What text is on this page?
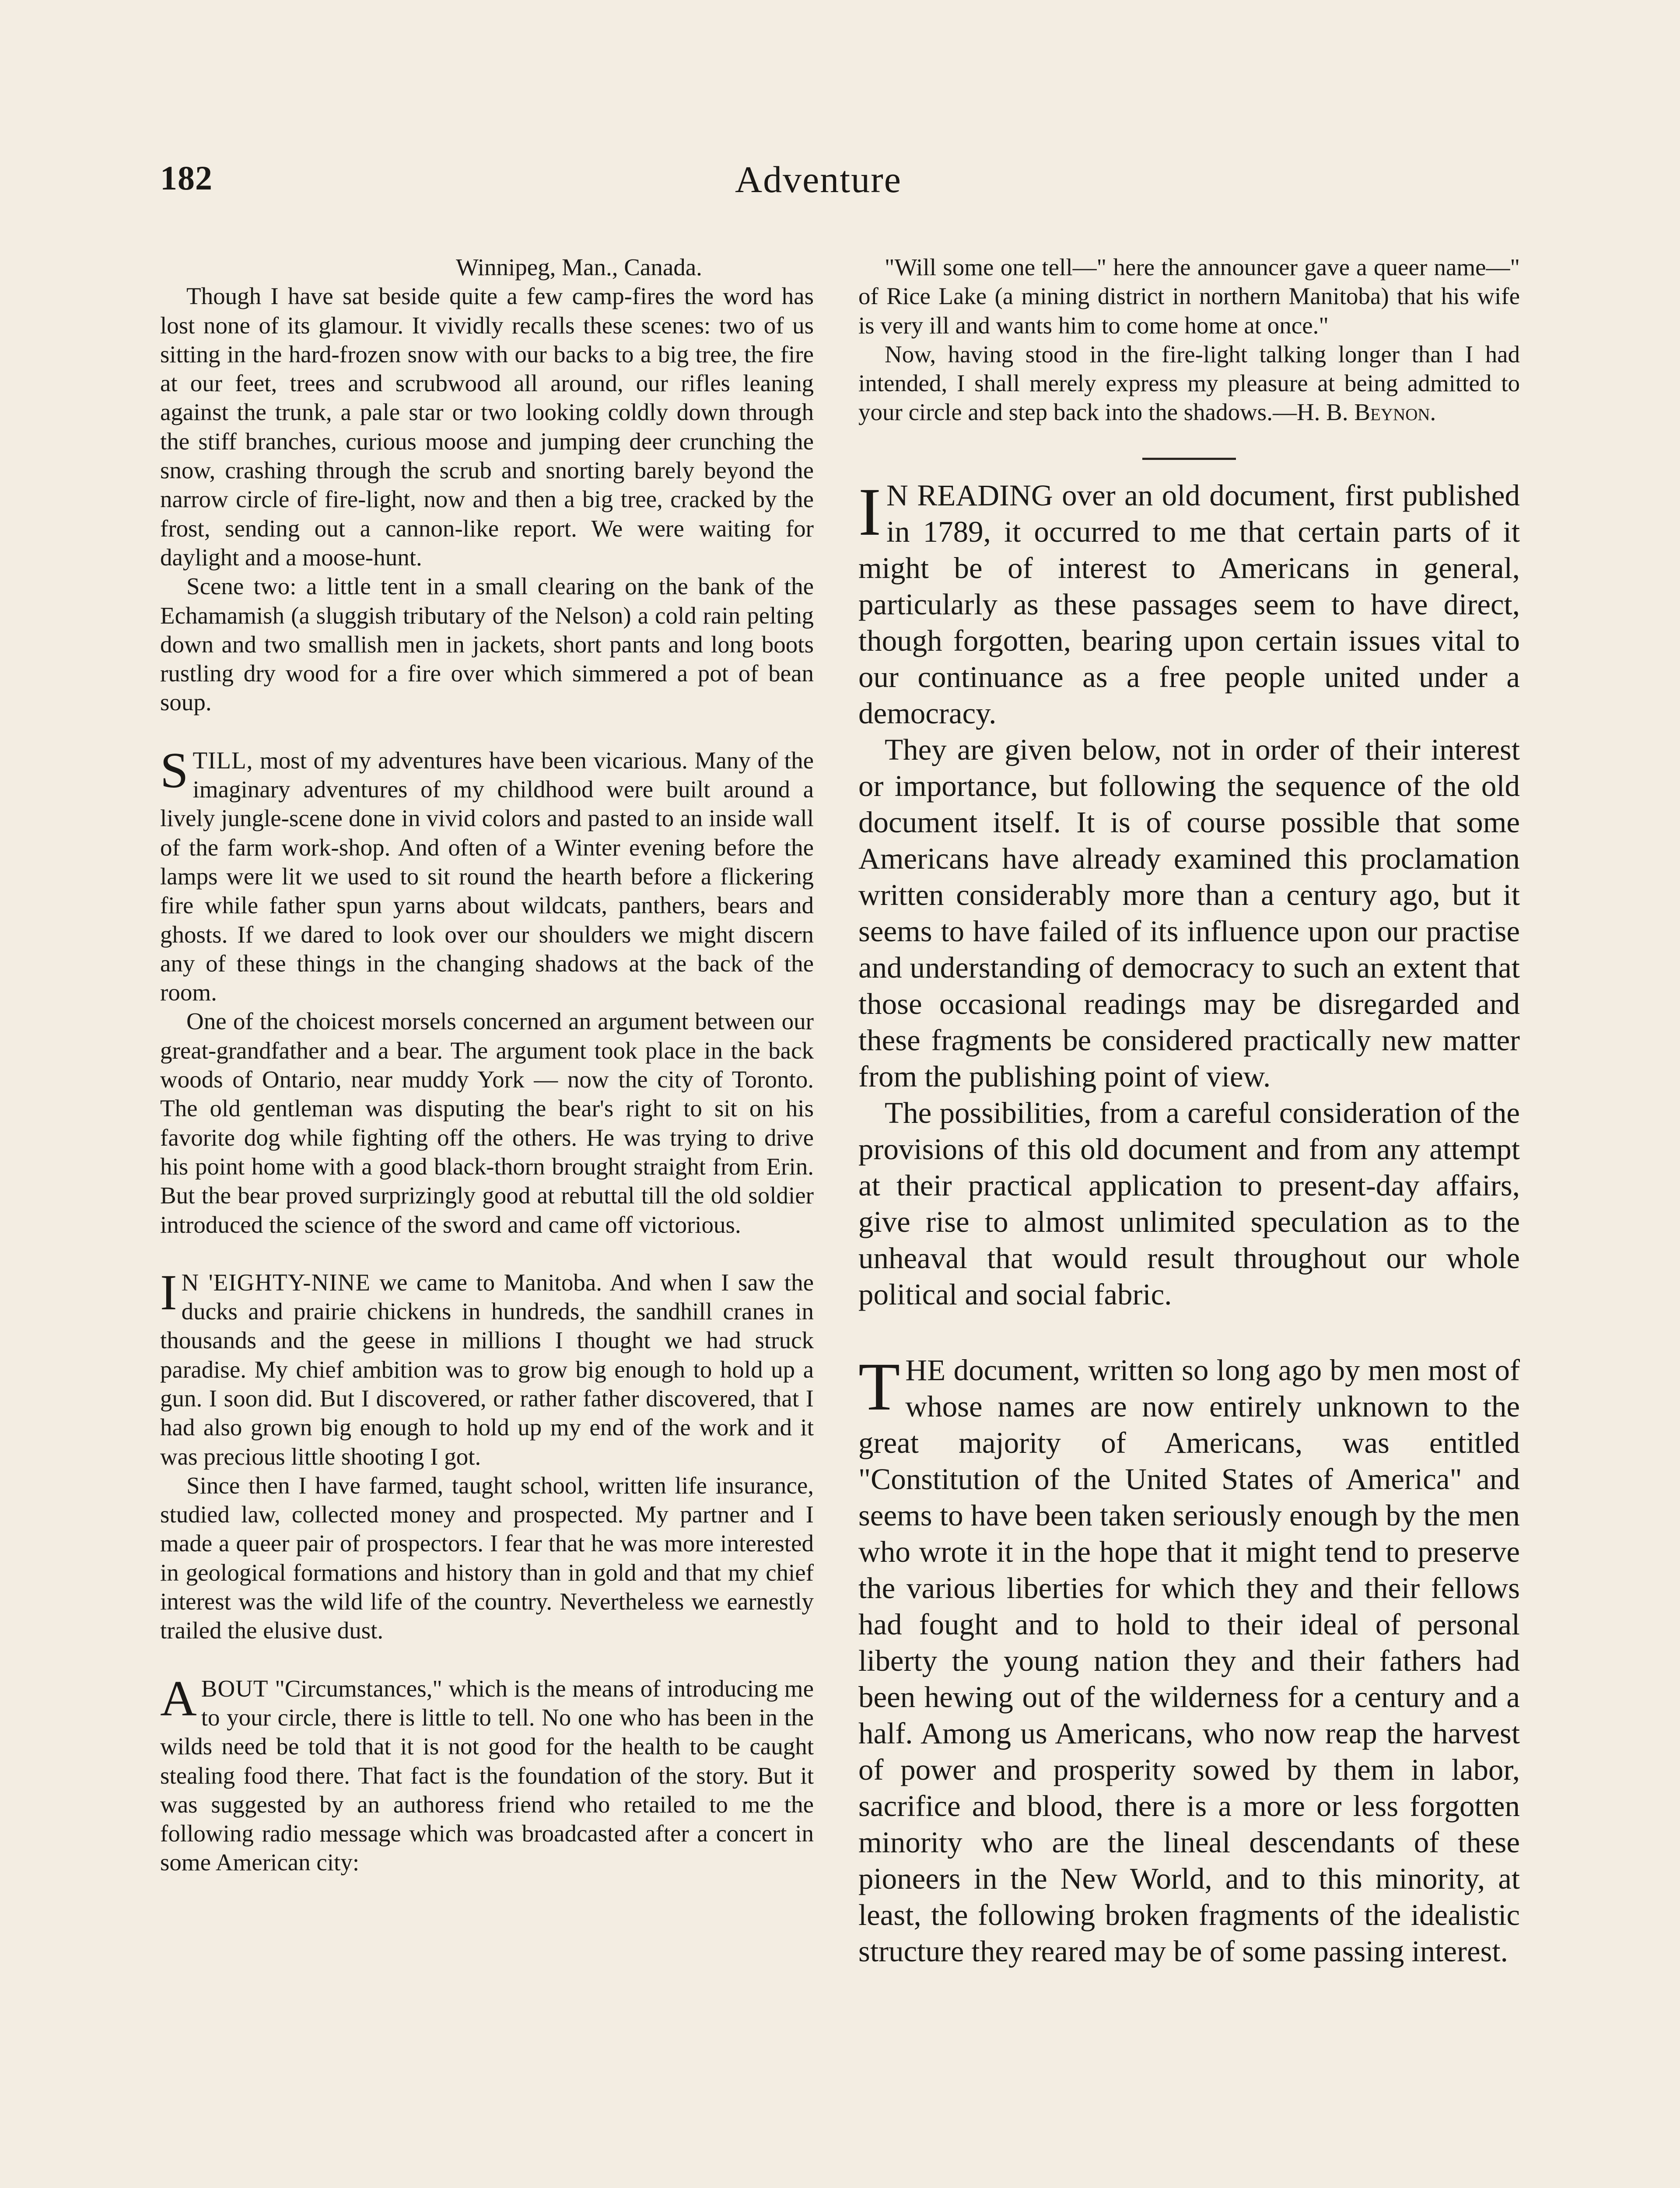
182	Adventure

Winnipeg, Man., Canada.

Though I have sat beside quite a few camp-fires the word has lost none of its glamour. It vividly recalls these scenes: two of us sitting in the hard-frozen snow with our backs to a big tree, the fire at our feet, trees and scrubwood all around, our rifles leaning against the trunk, a pale star or two looking coldly down through the stiff branches, curious moose and jumping deer crunching the snow, crashing through the scrub and snorting barely beyond the narrow circle of fire-light, now and then a big tree, cracked by the frost, sending out a cannon-like report. We were waiting for daylight and a moose-hunt.

Scene two: a little tent in a small clearing on the bank of the Echamamish (a sluggish tributary of the Nelson) a cold rain pelting down and two smallish men in jackets, short pants and long boots rustling dry wood for a fire over which simmered a pot of bean soup.

STILL, most of my adventures have been vicarious. Many of the imaginary adventures of my childhood were built around a lively jungle-scene done in vivid colors and pasted to an inside wall of the farm work-shop. And often of a Winter evening before the lamps were lit we used to sit round the hearth before a flickering fire while father spun yarns about wildcats, panthers, bears and ghosts. If we dared to look over our shoulders we might discern any of these things in the changing shadows at the back of the room.

One of the choicest morsels concerned an argument between our great-grandfather and a bear. The argument took place in the back woods of Ontario, near muddy York — now the city of Toronto. The old gentleman was disputing the bear's right to sit on his favorite dog while fighting off the others. He was trying to drive his point home with a good black-thorn brought straight from Erin. But the bear proved surprizingly good at rebuttal till the old soldier introduced the science of the sword and came off victorious.

I N 'EIGHTY-NINE we came to Manitoba. And when I saw the ducks and prairie chickens in hundreds, the sandhill cranes in thousands and the geese in millions I thought we had struck paradise. My chief ambition was to grow big enough to hold up a gun. I soon did. But I discovered, or rather father discovered, that I had also grown big enough to hold up my end of the work and it was precious little shooting I got.

Since then I have farmed, taught school, written life insurance, studied law, collected money and prospected. My partner and I made a queer pair of prospectors. I fear that he was more interested in geological formations and history than in gold and that my chief interest was the wild life of the country. Nevertheless we earnestly trailed the elusive dust.

ABOUT "Circumstances," which is the means of introducing me to your circle, there is little to tell. No one who has been in the wilds need be told that it is not good for the health to be caught stealing food there. That fact is the foundation of the story. But it was suggested by an authoress friend who retailed to me the following radio message which was broadcasted after a concert in some American city:

"Will some one tell—" here the announcer gave a queer name—" of Rice Lake (a mining district in northern Manitoba) that his wife is very ill and wants him to come home at once."

Now, having stood in the fire-light talking longer than I had intended, I shall merely express my pleasure at being admitted to your circle and step back into the shadows.—H. B. Beynon.

I N READING over an old document, first published in 1789, it occurred to me that certain parts of it might be of interest to Americans in general, particularly as these passages seem to have direct, though forgotten, bearing upon certain issues vital to our continuance as a free people united under a democracy.

They are given below, not in order of their interest or importance, but following the sequence of the old document itself. It is of course possible that some Americans have already examined this proclamation written considerably more than a century ago, but it seems to have failed of its influence upon our practise and understanding of democracy to such an extent that those occasional readings may be disregarded and these fragments be considered practically new matter from the publishing point of view.

The possibilities, from a careful consideration of the provisions of this old document and from any attempt at their practical application to present-day affairs, give rise to almost unlimited speculation as to the unheaval that would result throughout our whole political and social fabric.

THE document, written so long ago by men most of whose names are now entirely unknown to the great majority of Americans, was entitled "Constitution of the United States of America" and seems to have been taken seriously enough by the men who wrote it in the hope that it might tend to preserve the various liberties for which they and their fellows had fought and to hold to their ideal of personal liberty the young nation they and their fathers had been hewing out of the wilderness for a century and a half. Among us Americans, who now reap the harvest of power and prosperity sowed by them in labor, sacrifice and blood, there is a more or less forgotten minority who are the lineal descendants of these pioneers in the New World, and to this minority, at least, the following broken fragments of the idealistic structure they reared may be of some passing interest.
